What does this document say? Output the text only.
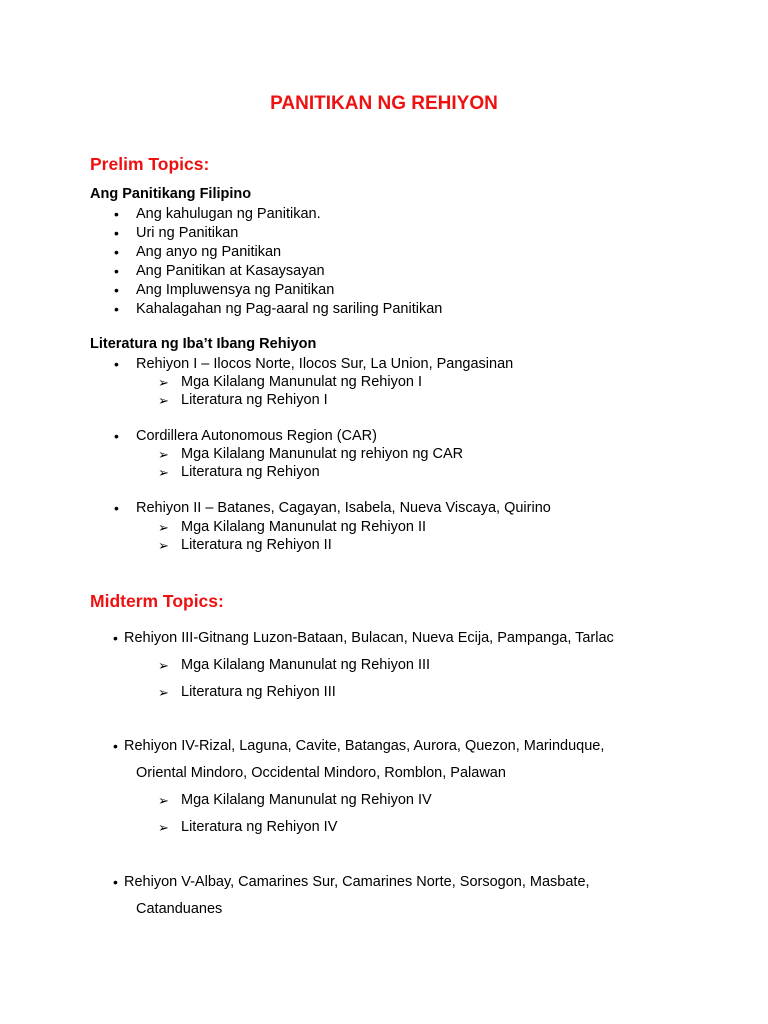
PANITIKAN NG REHIYON
Prelim Topics:
Ang Panitikang Filipino
• Ang kahulugan ng Panitikan.
• Uri ng Panitikan
• Ang anyo ng Panitikan
• Ang Panitikan at Kasaysayan
• Ang Impluwensya ng Panitikan
• Kahalagahan ng Pag-aaral ng sariling Panitikan
Literatura ng Iba’t Ibang Rehiyon
• Rehiyon I – Ilocos Norte, Ilocos Sur, La Union, Pangasinan
➢ Mga Kilalang Manunulat ng Rehiyon I
➢ Literatura ng Rehiyon I
• Cordillera Autonomous Region (CAR)
➢ Mga Kilalang Manunulat ng rehiyon ng CAR
➢ Literatura ng Rehiyon
• Rehiyon II – Batanes, Cagayan, Isabela, Nueva Viscaya, Quirino
➢ Mga Kilalang Manunulat ng Rehiyon II
➢ Literatura ng Rehiyon II
Midterm Topics:
• Rehiyon III-Gitnang Luzon-Bataan, Bulacan, Nueva Ecija, Pampanga, Tarlac
➢ Mga Kilalang Manunulat ng Rehiyon III
➢ Literatura ng Rehiyon III
• Rehiyon IV-Rizal, Laguna, Cavite, Batangas, Aurora, Quezon, Marinduque,
Oriental Mindoro, Occidental Mindoro, Romblon, Palawan
➢ Mga Kilalang Manunulat ng Rehiyon IV
➢ Literatura ng Rehiyon IV
• Rehiyon V-Albay, Camarines Sur, Camarines Norte, Sorsogon, Masbate,
Catanduanes
